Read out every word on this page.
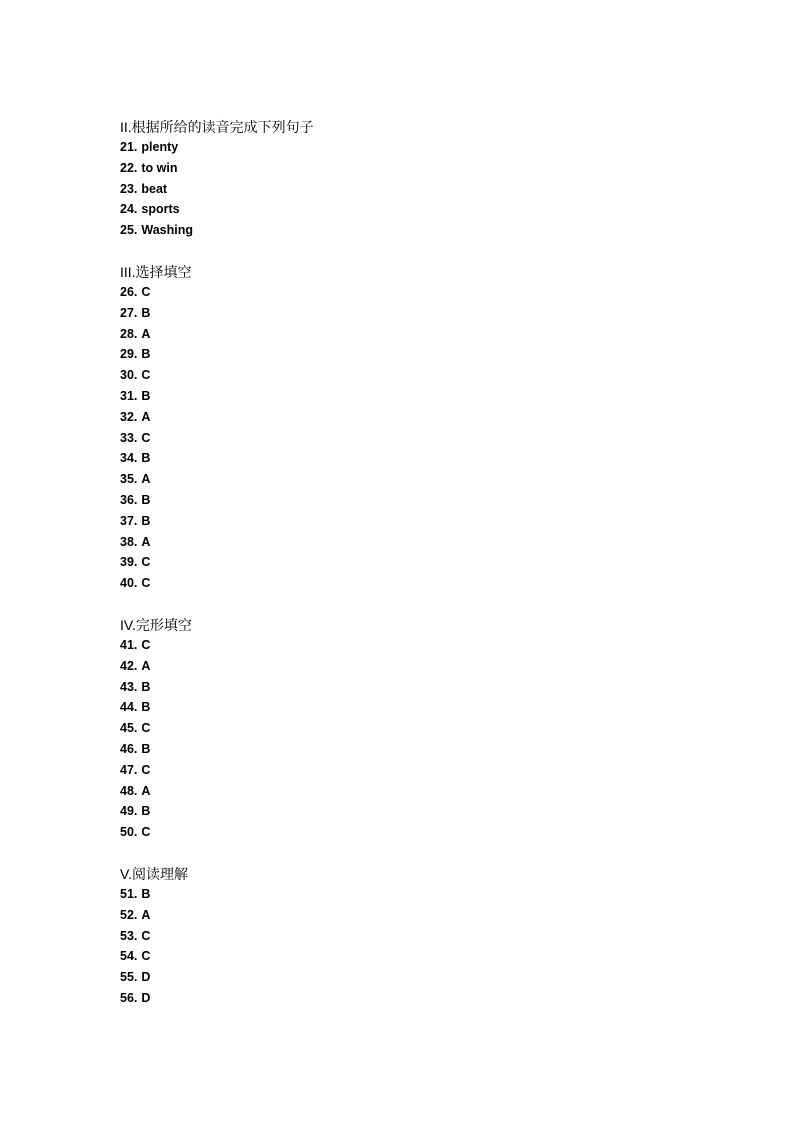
II.根据所给的读音完成下列句子
21. plenty
22. to win
23. beat
24. sports
25. Washing
III.选择填空
26. C
27. B
28. A
29. B
30. C
31. B
32. A
33. C
34. B
35. A
36. B
37. B
38. A
39. C
40. C
IV.完形填空
41. C
42. A
43. B
44. B
45. C
46. B
47. C
48. A
49. B
50. C
V.阅读理解
51. B
52. A
53. C
54. C
55. D
56. D
